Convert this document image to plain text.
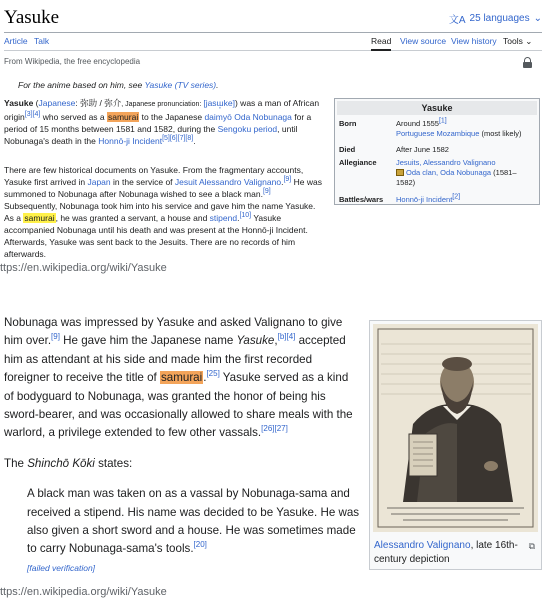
Yasuke	文A 25 languages ⌄
Article Talk	Read View source View history Tools ⌄
From Wikipedia, the free encyclopedia
For the anime based on him, see Yasuke (TV series).
Yasuke (Japanese: 弥助 / 弥介, Japanese pronunciation: [jasɯ̥ke]) was a man of African origin[3][4] who served as a samurai to the Japanese daimyō Oda Nobunaga for a period of 15 months between 1581 and 1582, during the Sengoku period, until Nobunaga's death in the Honnō-ji Incident[5][6][7][8].
There are few historical documents on Yasuke. From the fragmentary accounts, Yasuke first arrived in Japan in the service of Jesuit Alessandro Valignano.[9] He was summoned to Nobunaga after Nobunaga wished to see a black man.[9] Subsequently, Nobunaga took him into his service and gave him the name Yasuke. As a samurai, he was granted a servant, a house and stipend.[10] Yasuke accompanied Nobunaga until his death and was present at the Honnō-ji Incident. Afterwards, Yasuke was sent back to the Jesuits. There are no records of him afterwards.
Yasuke
Born	Around 1555[1]
Portuguese Mozambique (most likely)
Died	After June 1582
Allegiance	Jesuits, Alessandro Valignano
Oda clan, Oda Nobunaga (1581–1582)
Battles/wars	Honnō-ji Incident[2]
ttps://en.wikipedia.org/wiki/Yasuke

Nobunaga was impressed by Yasuke and asked Valignano to give him over.[9] He gave him the Japanese name Yasuke,[b][4] accepted him as attendant at his side and made him the first recorded foreigner to receive the title of samurai.[25] Yasuke served as a kind of bodyguard to Nobunaga, was granted the honor of being his sword-bearer, and was occasionally allowed to share meals with the warlord, a privilege extended to few other vassals.[26][27]

The Shinchō Kōki states:
A black man was taken on as a vassal by Nobunaga-sama and received a stipend. His name was decided to be Yasuke. He was also given a short sword and a house. He was sometimes made to carry Nobunaga-sama's tools.[20]
[failed verification]
Alessandro Valignano, late 16th-century depiction
⧉
ttps://en.wikipedia.org/wiki/Yasuke
